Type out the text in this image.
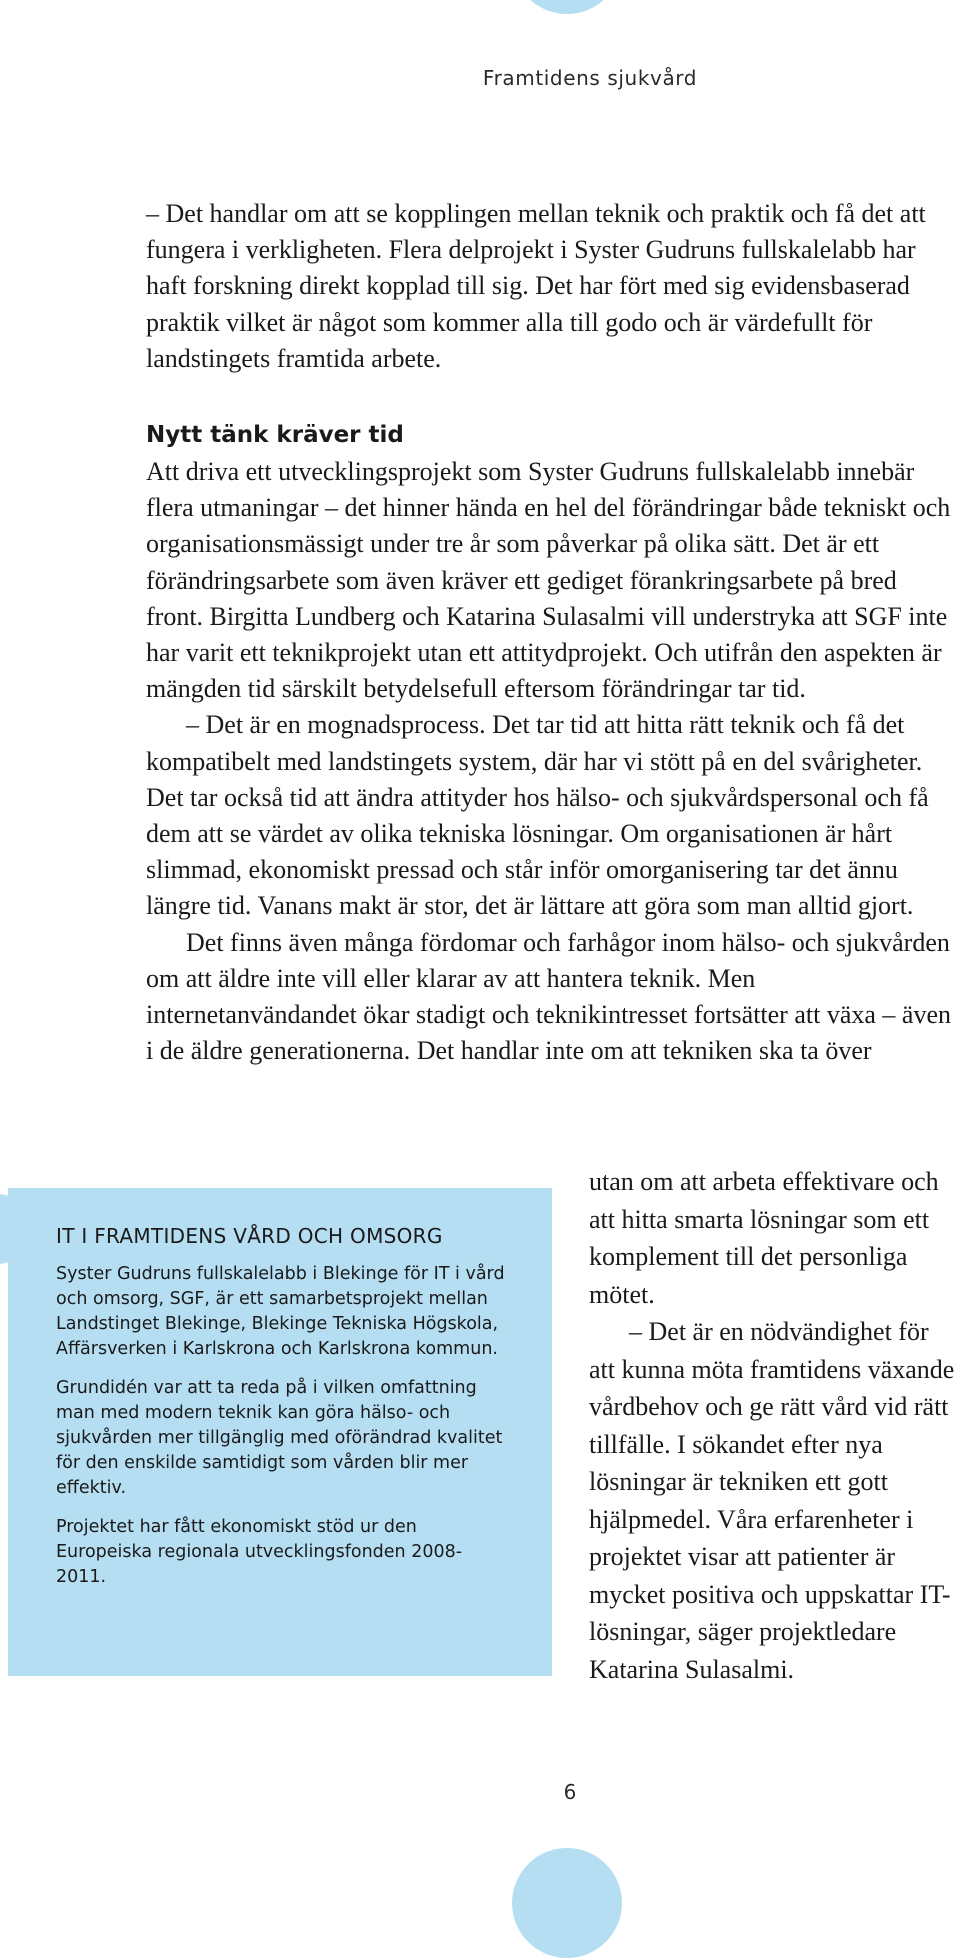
Framtidens sjukvård

– Det handlar om att se kopplingen mellan teknik och praktik och få det att fungera i verkligheten. Flera delprojekt i Syster Gudruns fullskalelabb har haft forskning direkt kopplad till sig. Det har fört med sig evidensbaserad praktik vilket är något som kommer alla till godo och är värdefullt för landstingets framtida arbete.

Nytt tänk kräver tid

Att driva ett utvecklingsprojekt som Syster Gudruns fullskalelabb innebär flera utmaningar – det hinner hända en hel del förändringar både tekniskt och organisationsmässigt under tre år som påverkar på olika sätt. Det är ett förändringsarbete som även kräver ett gediget förankringsarbete på bred front. Birgitta Lundberg och Katarina Sulasalmi vill understryka att SGF inte har varit ett teknikprojekt utan ett attitydprojekt. Och utifrån den aspekten är mängden tid särskilt betydelsefull eftersom förändringar tar tid.

– Det är en mognadsprocess. Det tar tid att hitta rätt teknik och få det kompatibelt med landstingets system, där har vi stött på en del svårigheter. Det tar också tid att ändra attityder hos hälso- och sjukvårdspersonal och få dem att se värdet av olika tekniska lösningar. Om organisationen är hårt slimmad, ekonomiskt pressad och står inför omorganisering tar det ännu längre tid. Vanans makt är stor, det är lättare att göra som man alltid gjort.

Det finns även många fördomar och farhågor inom hälso- och sjukvården om att äldre inte vill eller klarar av att hantera teknik. Men internetanvändandet ökar stadigt och teknikintresset fortsätter att växa – även i de äldre generationerna. Det handlar inte om att tekniken ska ta över

utan om att arbeta effektivare och att hitta smarta lösningar som ett komplement till det personliga mötet.

– Det är en nödvändighet för att kunna möta framtidens växande vårdbehov och ge rätt vård vid rätt tillfälle. I sökandet efter nya lösningar är tekniken ett gott hjälpmedel. Våra erfarenheter i projektet visar att patienter är mycket positiva och uppskattar IT-lösningar, säger projektledare Katarina Sulasalmi.

IT I FRAMTIDENS VÅRD OCH OMSORG

Syster Gudruns fullskalelabb i Blekinge för IT i vård och omsorg, SGF, är ett samarbetsprojekt mellan Landstinget Blekinge, Blekinge Tekniska Högskola, Affärsverken i Karlskrona och Karlskrona kommun.

Grundidén var att ta reda på i vilken omfattning man med modern teknik kan göra hälso- och sjukvården mer tillgänglig med oförändrad kvalitet för den enskilde samtidigt som vården blir mer effektiv.

Projektet har fått ekonomiskt stöd ur den Europeiska regionala utvecklingsfonden 2008-2011.

6
